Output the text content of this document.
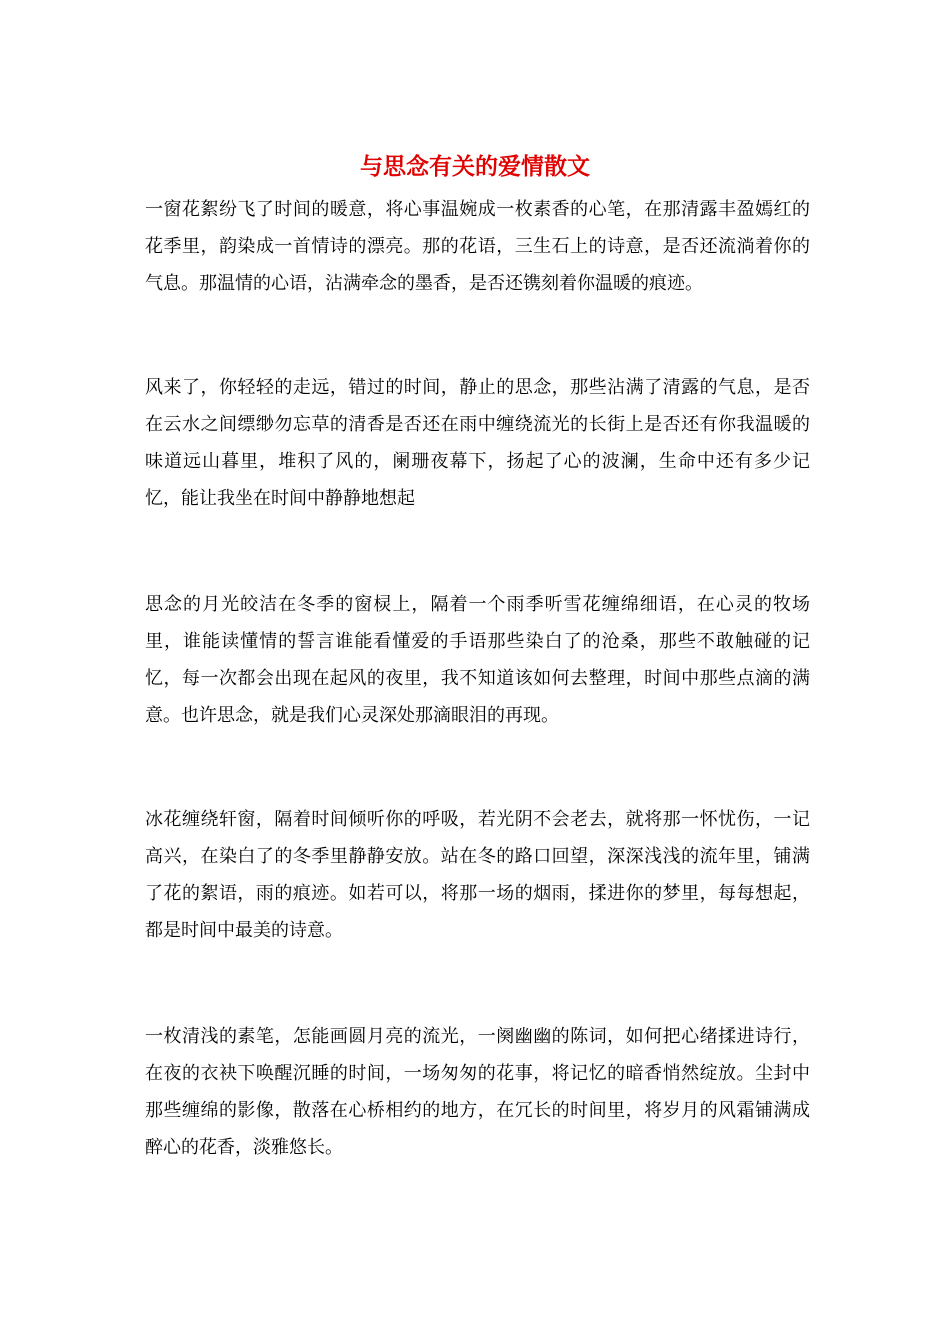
与思念有关的爱情散文

一窗花絮纷飞了时间的暖意，将心事温婉成一枚素香的心笔，在那清露丰盈嫣红的花季里，韵染成一首情诗的漂亮。那的花语，三生石上的诗意，是否还流淌着你的气息。那温情的心语，沾满牵念的墨香，是否还镌刻着你温暖的痕迹。

风来了，你轻轻的走远，错过的时间，静止的思念，那些沾满了清露的气息，是否在云水之间缥缈勿忘草的清香是否还在雨中缠绕流光的长街上是否还有你我温暖的味道远山暮里，堆积了风的，阑珊夜幕下，扬起了心的波澜，生命中还有多少记忆，能让我坐在时间中静静地想起

思念的月光皎洁在冬季的窗棂上，隔着一个雨季听雪花缠绵细语，在心灵的牧场里，谁能读懂情的誓言谁能看懂爱的手语那些染白了的沧桑，那些不敢触碰的记忆，每一次都会出现在起风的夜里，我不知道该如何去整理，时间中那些点滴的满意。也许思念，就是我们心灵深处那滴眼泪的再现。

冰花缠绕轩窗，隔着时间倾听你的呼吸，若光阴不会老去，就将那一怀忧伤，一记高兴，在染白了的冬季里静静安放。站在冬的路口回望，深深浅浅的流年里，铺满了花的絮语，雨的痕迹。如若可以，将那一场的烟雨，揉进你的梦里，每每想起，都是时间中最美的诗意。

一枚清浅的素笔，怎能画圆月亮的流光，一阕幽幽的陈词，如何把心绪揉进诗行，在夜的衣袂下唤醒沉睡的时间，一场匆匆的花事，将记忆的暗香悄然绽放。尘封中那些缠绵的影像，散落在心桥相约的地方，在冗长的时间里，将岁月的风霜铺满成醉心的花香，淡雅悠长。
